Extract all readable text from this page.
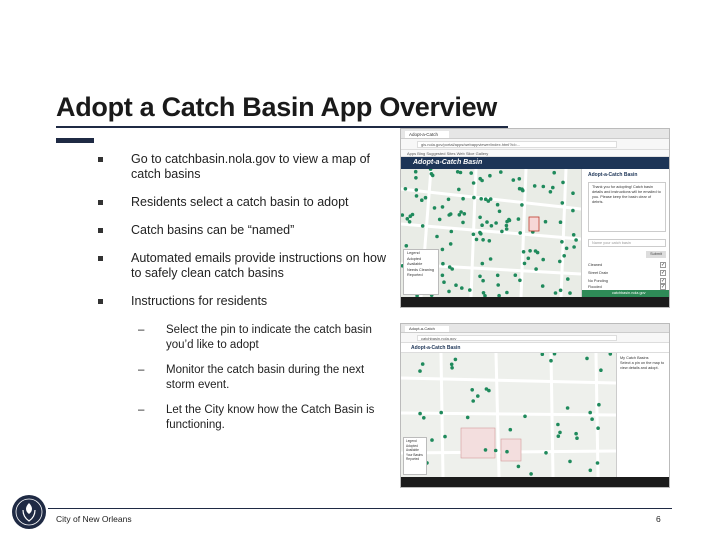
Adopt a Catch Basin App Overview
Go to catchbasin.nola.gov to view a map of catch basins
Residents select a catch basin to adopt
Catch basins can be “named”
Automated emails provide instructions on how to safely clean catch basins
Instructions for residents
– Select the pin to indicate the catch basin you’d like to adopt
– Monitor the catch basin during the next storm event.
– Let the City know how the Catch Basin is functioning.
Adopt-a-Catch
gis.nola.gov/portal/apps/webappviewer/index.html?id=...
Apps Bing Suggested Sites Web Slice Gallery
Adopt-a-Catch Basin
Legend
Adopted
Available
Needs Cleaning
Reported
Adopt-a-Catch Basin
Thank you for adopting! Catch basin details and instructions will be emailed to you. Please keep the basin clear of debris.
Name your catch basin
Submit
Cleaned	✓
Street Drain	✓
No Ponding	✓
Flooded	✓
catchbasin.nola.gov
Adopt-a-Catch
catchbasin.nola.gov
Adopt-a-Catch Basin
Legend
Adopted
Available
Your Basins
Reported
My Catch Basins
Select a pin on the map to view details and adopt.
City of New Orleans	6
